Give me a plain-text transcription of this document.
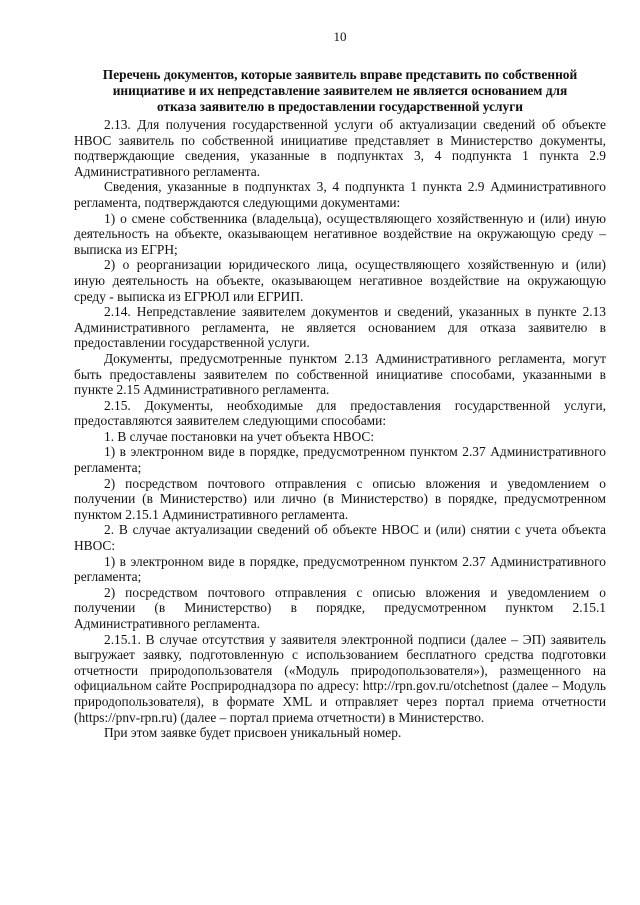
10
Перечень документов, которые заявитель вправе представить по собственной
инициативе и их непредставление заявителем не является основанием для
отказа заявителю в предоставлении государственной услуги

2.13. Для получения государственной услуги об актуализации сведений об объекте НВОС заявитель по собственной инициативе представляет в Министерство документы, подтверждающие сведения, указанные в подпунктах 3, 4 подпункта 1 пункта 2.9 Административного регламента.

Сведения, указанные в подпунктах 3, 4 подпункта 1 пункта 2.9 Административного регламента, подтверждаются следующими документами:

1) о смене собственника (владельца), осуществляющего хозяйственную и (или) иную деятельность на объекте, оказывающем негативное воздействие на окружающую среду – выписка из ЕГРН;

2) о реорганизации юридического лица, осуществляющего хозяйственную и (или) иную деятельность на объекте, оказывающем негативное воздействие на окружающую среду - выписка из ЕГРЮЛ или ЕГРИП.

2.14. Непредставление заявителем документов и сведений, указанных в пункте 2.13 Административного регламента, не является основанием для отказа заявителю в предоставлении государственной услуги.

Документы, предусмотренные пунктом 2.13 Административного регламента, могут быть предоставлены заявителем по собственной инициативе способами, указанными в пункте 2.15 Административного регламента.

2.15. Документы, необходимые для предоставления государственной услуги, предоставляются заявителем следующими способами:

1. В случае постановки на учет объекта НВОС:

1) в электронном виде в порядке, предусмотренном пунктом 2.37 Административного регламента;

2) посредством почтового отправления с описью вложения и уведомлением о получении (в Министерство) или лично (в Министерство) в порядке, предусмотренном пунктом 2.15.1 Административного регламента.

2. В случае актуализации сведений об объекте НВОС и (или) снятии с учета объекта НВОС:

1) в электронном виде в порядке, предусмотренном пунктом 2.37 Административного регламента;

2) посредством почтового отправления с описью вложения и уведомлением о получении (в Министерство) в порядке, предусмотренном пунктом 2.15.1 Административного регламента.

2.15.1. В случае отсутствия у заявителя электронной подписи (далее – ЭП) заявитель выгружает заявку, подготовленную с использованием бесплатного средства подготовки отчетности природопользователя («Модуль природопользователя»), размещенного на официальном сайте Росприроднадзора по адресу: http://rpn.gov.ru/otchetnost (далее – Модуль природопользователя), в формате XML и отправляет через портал приема отчетности (https://pnv-rpn.ru) (далее – портал приема отчетности) в Министерство.

При этом заявке будет присвоен уникальный номер.
